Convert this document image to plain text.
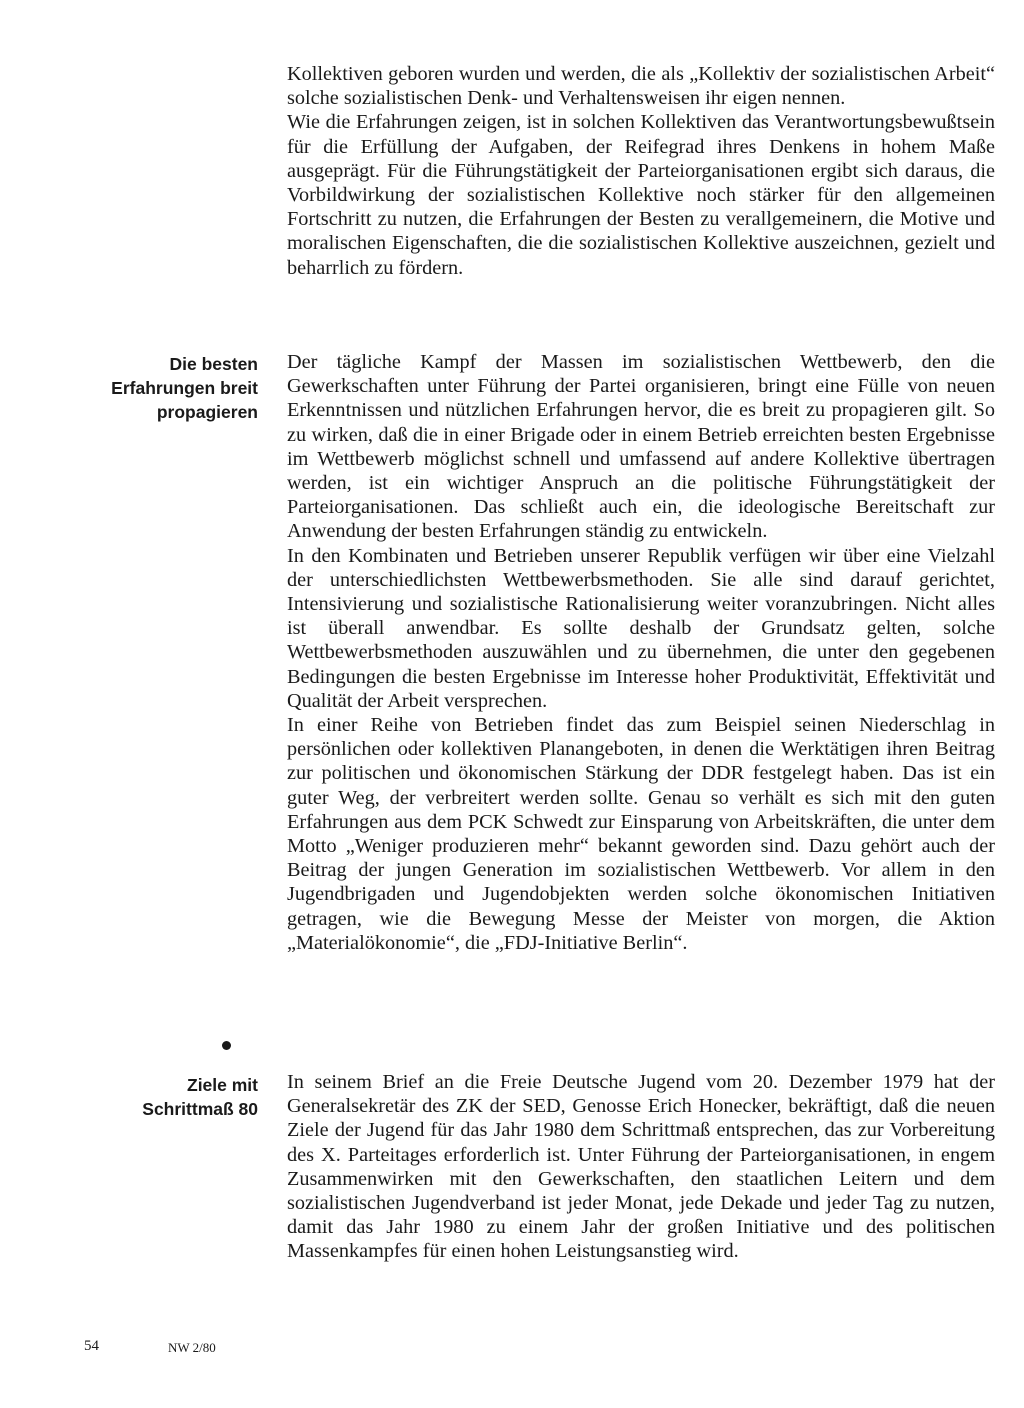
Kollektiven geboren wurden und werden, die als „Kollektiv der sozialistischen Arbeit“ solche sozialistischen Denk- und Verhaltensweisen ihr eigen nennen.

Wie die Erfahrungen zeigen, ist in solchen Kollektiven das Verantwortungsbewußtsein für die Erfüllung der Aufgaben, der Reifegrad ihres Denkens in hohem Maße ausgeprägt. Für die Führungstätigkeit der Parteiorganisationen ergibt sich daraus, die Vorbildwirkung der sozialistischen Kollektive noch stärker für den allgemeinen Fortschritt zu nutzen, die Erfahrungen der Besten zu verallgemeinern, die Motive und moralischen Eigenschaften, die die sozialistischen Kollektive auszeichnen, gezielt und beharrlich zu fördern.

Die besten Erfahrungen breit propagieren

Der tägliche Kampf der Massen im sozialistischen Wettbewerb, den die Gewerkschaften unter Führung der Partei organisieren, bringt eine Fülle von neuen Erkenntnissen und nützlichen Erfahrungen hervor, die es breit zu propagieren gilt. So zu wirken, daß die in einer Brigade oder in einem Betrieb erreichten besten Ergebnisse im Wettbewerb möglichst schnell und umfassend auf andere Kollektive übertragen werden, ist ein wichtiger Anspruch an die politische Führungstätigkeit der Parteiorganisationen. Das schließt auch ein, die ideologische Bereitschaft zur Anwendung der besten Erfahrungen ständig zu entwickeln.

In den Kombinaten und Betrieben unserer Republik verfügen wir über eine Vielzahl der unterschiedlichsten Wettbewerbsmethoden. Sie alle sind darauf gerichtet, Intensivierung und sozialistische Rationalisierung weiter voranzubringen. Nicht alles ist überall anwendbar. Es sollte deshalb der Grundsatz gelten, solche Wettbewerbsmethoden auszuwählen und zu übernehmen, die unter den gegebenen Bedingungen die besten Ergebnisse im Interesse hoher Produktivität, Effektivität und Qualität der Arbeit versprechen.

In einer Reihe von Betrieben findet das zum Beispiel seinen Niederschlag in persönlichen oder kollektiven Planangeboten, in denen die Werktätigen ihren Beitrag zur politischen und ökonomischen Stärkung der DDR festgelegt haben. Das ist ein guter Weg, der verbreitert werden sollte. Genau so verhält es sich mit den guten Erfahrungen aus dem PCK Schwedt zur Einsparung von Arbeitskräften, die unter dem Motto „Weniger produzieren mehr“ bekannt geworden sind. Dazu gehört auch der Beitrag der jungen Generation im sozialistischen Wettbewerb. Vor allem in den Jugendbrigaden und Jugendobjekten werden solche ökonomischen Initiativen getragen, wie die Bewegung Messe der Meister von morgen, die Aktion „Materialökonomie“, die „FDJ-Initiative Berlin“.

Ziele mit Schrittmaß 80

In seinem Brief an die Freie Deutsche Jugend vom 20. Dezember 1979 hat der Generalsekretär des ZK der SED, Genosse Erich Honecker, bekräftigt, daß die neuen Ziele der Jugend für das Jahr 1980 dem Schrittmaß entsprechen, das zur Vorbereitung des X. Parteitages erforderlich ist. Unter Führung der Parteiorganisationen, in engem Zusammenwirken mit den Gewerkschaften, den staatlichen Leitern und dem sozialistischen Jugendverband ist jeder Monat, jede Dekade und jeder Tag zu nutzen, damit das Jahr 1980 zu einem Jahr der großen Initiative und des politischen Massenkampfes für einen hohen Leistungsanstieg wird.

54	NW 2/80
